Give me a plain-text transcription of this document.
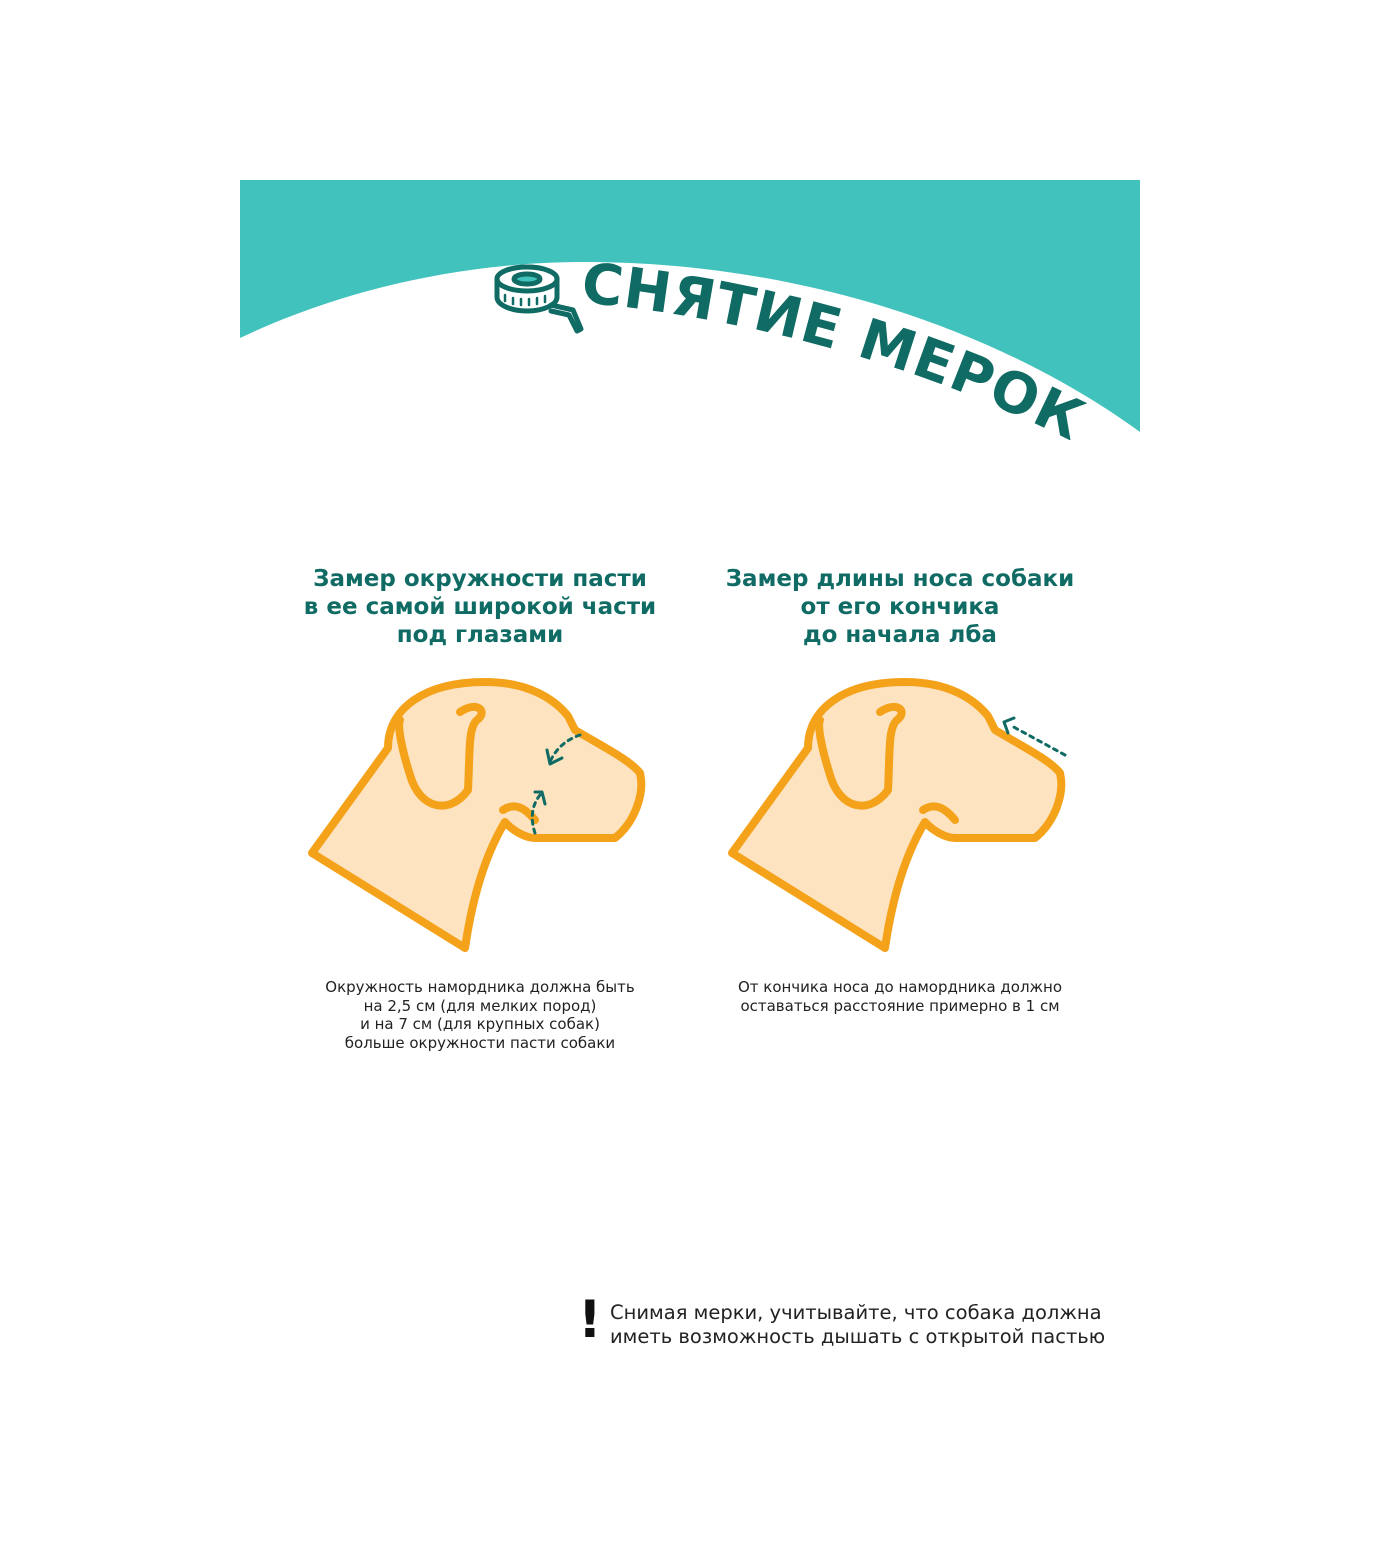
СНЯТИЕ МЕРОК
Замер окружности пасти
в ее самой широкой части
под глазами
Замер длины носа собаки
от его кончика
до начала лба

Окружность намордника должна быть
на 2,5 см (для мелких пород)
и на 7 см (для крупных собак)
больше окружности пасти собаки

От кончика носа до намордника должно
оставаться расстояние примерно в 1 см

! Снимая мерки, учитывайте, что собака должна
иметь возможность дышать с открытой пастью
